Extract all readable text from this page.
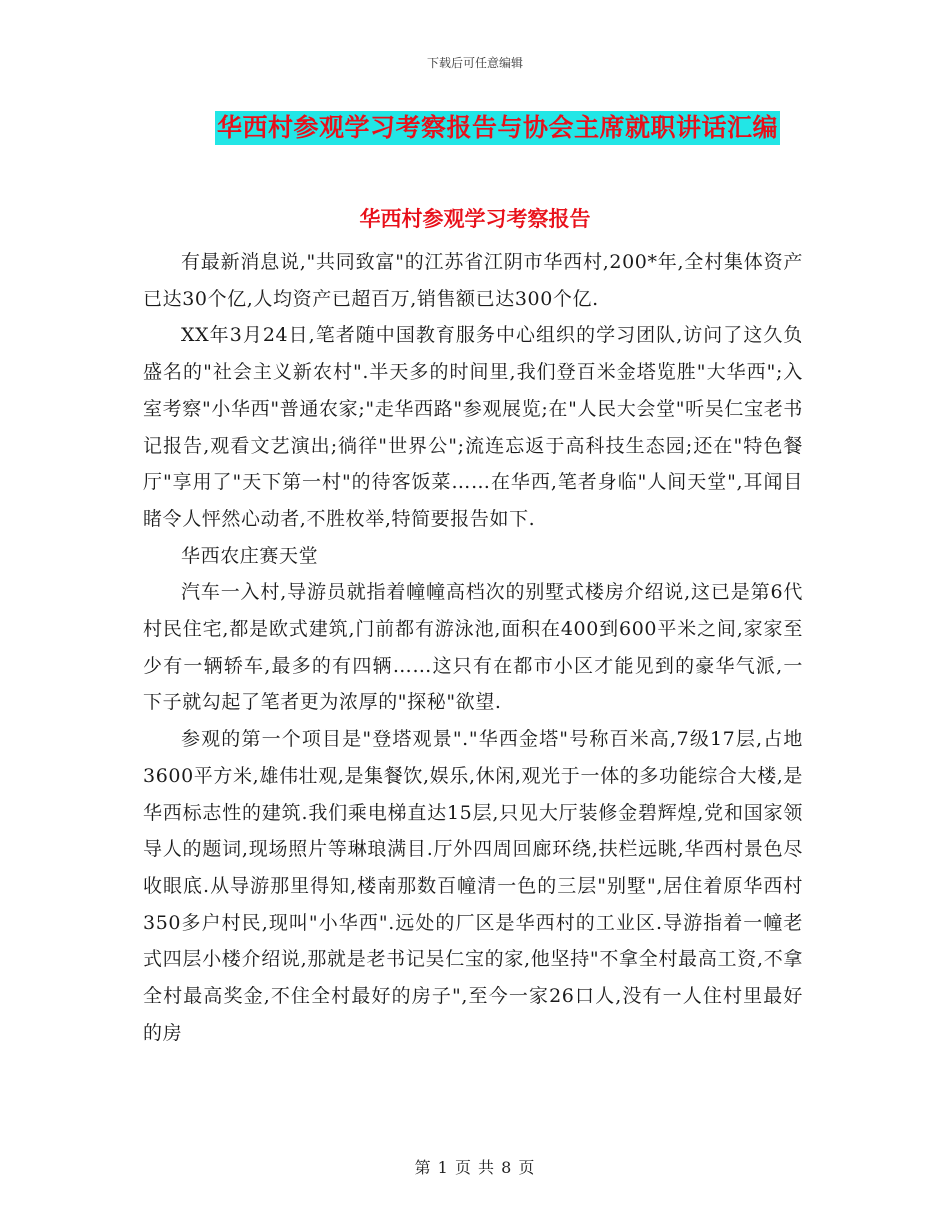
下载后可任意编辑
华西村参观学习考察报告与协会主席就职讲话汇编
华西村参观学习考察报告

有最新消息说,"共同致富"的江苏省江阴市华西村,200*年,全村集体资产已达30个亿,人均资产已超百万,销售额已达300个亿.

XX年3月24日,笔者随中国教育服务中心组织的学习团队,访问了这久负盛名的"社会主义新农村".半天多的时间里,我们登百米金塔览胜"大华西";入室考察"小华西"普通农家;"走华西路"参观展览;在"人民大会堂"听吴仁宝老书记报告,观看文艺演出;徜徉"世界公";流连忘返于高科技生态园;还在"特色餐厅"享用了"天下第一村"的待客饭菜……在华西,笔者身临"人间天堂",耳闻目睹令人怦然心动者,不胜枚举,特简要报告如下.

华西农庄赛天堂

汽车一入村,导游员就指着幢幢高档次的别墅式楼房介绍说,这已是第6代村民住宅,都是欧式建筑,门前都有游泳池,面积在400到600平米之间,家家至少有一辆轿车,最多的有四辆……这只有在都市小区才能见到的豪华气派,一下子就勾起了笔者更为浓厚的"探秘"欲望.

参观的第一个项目是"登塔观景"."华西金塔"号称百米高,7级17层,占地3600平方米,雄伟壮观,是集餐饮,娱乐,休闲,观光于一体的多功能综合大楼,是华西标志性的建筑.我们乘电梯直达15层,只见大厅装修金碧辉煌,党和国家领导人的题词,现场照片等琳琅满目.厅外四周回廊环绕,扶栏远眺,华西村景色尽收眼底.从导游那里得知,楼南那数百幢清一色的三层"别墅",居住着原华西村350多户村民,现叫"小华西".远处的厂区是华西村的工业区.导游指着一幢老式四层小楼介绍说,那就是老书记吴仁宝的家,他坚持"不拿全村最高工资,不拿全村最高奖金,不住全村最好的房子",至今一家26口人,没有一人住村里最好的房

第 1 页 共 8 页
